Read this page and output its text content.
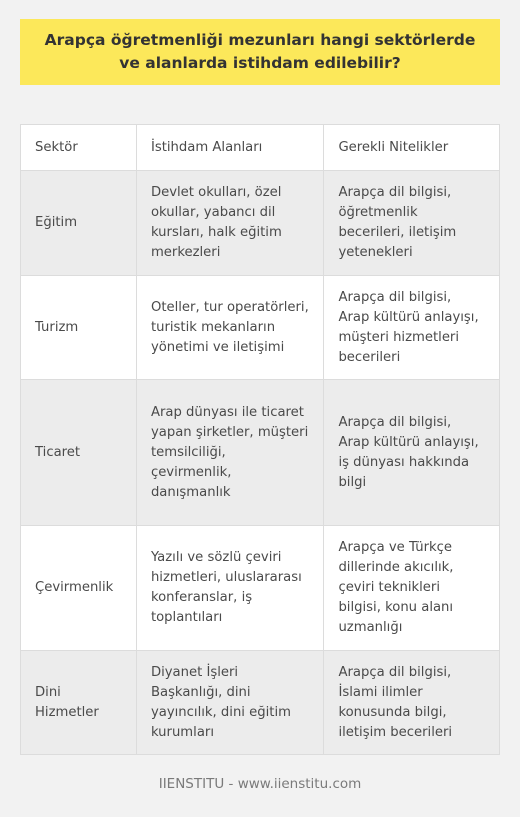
Arapça öğretmenliği mezunları hangi sektörlerde ve alanlarda istihdam edilebilir?
Sektör	İstihdam Alanları	Gerekli Nitelikler
Eğitim	Devlet okulları, özel okullar, yabancı dil kursları, halk eğitim merkezleri	Arapça dil bilgisi, öğretmenlik becerileri, iletişim yetenekleri
Turizm	Oteller, tur operatörleri, turistik mekanların yönetimi ve iletişimi	Arapça dil bilgisi, Arap kültürü anlayışı, müşteri hizmetleri becerileri
Ticaret	Arap dünyası ile ticaret yapan şirketler, müşteri temsilciliği, çevirmenlik, danışmanlık	Arapça dil bilgisi, Arap kültürü anlayışı, iş dünyası hakkında bilgi
Çevirmenlik	Yazılı ve sözlü çeviri hizmetleri, uluslararası konferanslar, iş toplantıları	Arapça ve Türkçe dillerinde akıcılık, çeviri teknikleri bilgisi, konu alanı uzmanlığı
Dini Hizmetler	Diyanet İşleri Başkanlığı, dini yayıncılık, dini eğitim kurumları	Arapça dil bilgisi, İslami ilimler konusunda bilgi, iletişim becerileri
IIENSTITU - www.iienstitu.com
